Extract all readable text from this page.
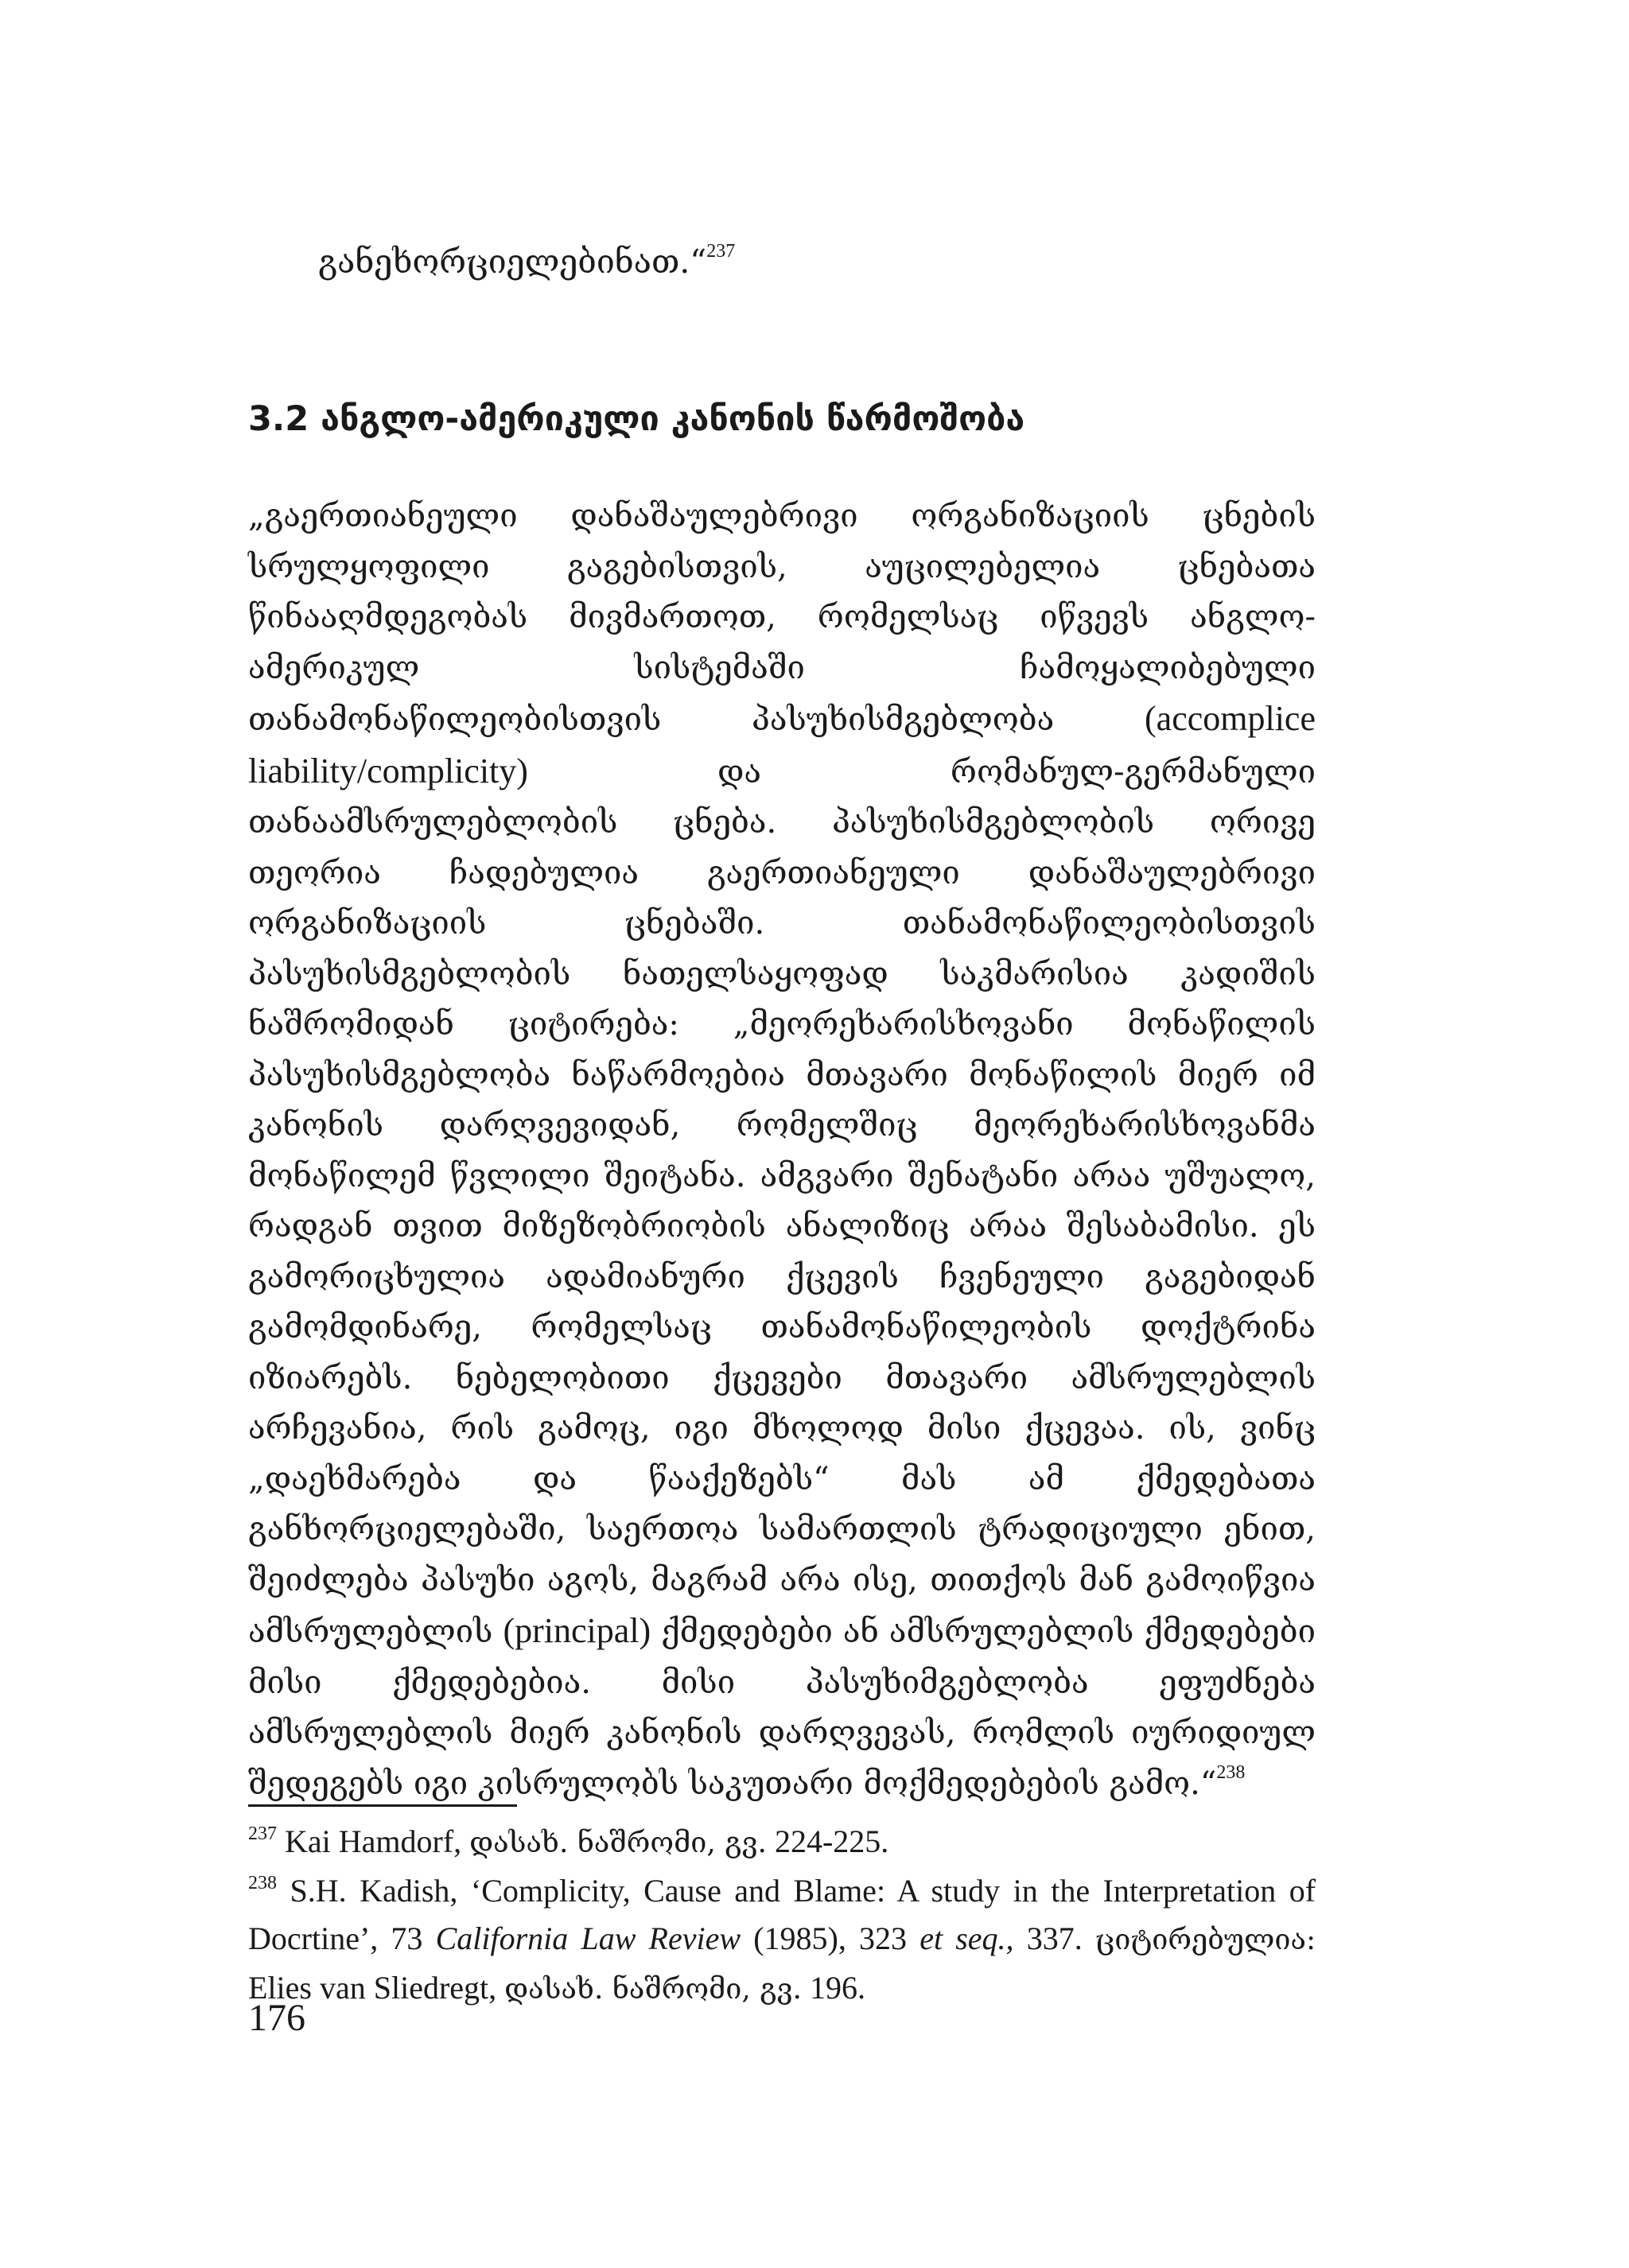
განეხორციელებინათ.“$^{237}$
3.2 ანგლო-ამერიკული კანონის წარმოშობა

„გაერთიანეული დანაშაულებრივი ორგანიზაციის ცნების სრულყოფილი გაგებისთვის, აუცილებელია ცნებათა წინააღმდეგობას მივმართოთ, რომელსაც იწვევს ანგლო-ამერიკულ სისტემაში ჩამოყალიბებული თანამონაწილეობისთვის პასუხისმგებლობა	(accomplice liability/complicity)	და რომანულ-გერმანული თანაამსრულებლობის ცნება. პასუხისმგებლობის ორივე თეორია ჩადებულია გაერთიანეული დანაშაულებრივი ორგანიზაციის ცნებაში. თანამონაწილეობისთვის პასუხისმგებლობის ნათელსაყოფად საკმარისია კადიშის ნაშრომიდან ციტირება: „მეორეხარისხოვანი მონაწილის პასუხისმგებლობა ნაწარმოებია მთავარი მონაწილის მიერ იმ კანონის დარღვევიდან, რომელშიც მეორეხარისხოვანმა მონაწილემ წვლილი შეიტანა. ამგვარი შენატანი არაა უშუალო, რადგან თვით მიზეზობრიობის ანალიზიც არაა შესაბამისი. ეს გამორიცხულია ადამიანური ქცევის ჩვენეული გაგებიდან გამომდინარე, რომელსაც თანამონაწილეობის დოქტრინა იზიარებს. ნებელობითი ქცევები მთავარი ამსრულებლის არჩევანია, რის გამოც, იგი მხოლოდ მისი ქცევაა. ის, ვინც „დაეხმარება და წააქეზებს“ მას ამ ქმედებათა განხორციელებაში, საერთოა სამართლის ტრადიციული ენით, შეიძლება პასუხი აგოს, მაგრამ არა ისე, თითქოს მან გამოიწვია ამსრულებლის (principal) ქმედებები ან ამსრულებლის ქმედებები მისი ქმედებებია. მისი პასუხიმგებლობა ეფუძნება ამსრულებლის მიერ კანონის დარღვევას, რომლის იურიდიულ შედეგებს იგი კისრულობს საკუთარი მოქმედებების გამო.“$^{238}$

$^{237}$ Kai Hamdorf, დასახ. ნაშრომი, გვ. 224-225.

$^{238}$ S.H. Kadish, ‘Complicity, Cause and Blame: A study in the Interpretation of Docrtine’, 73 California Law Review (1985), 323 et seq., 337. ციტირებულია: Elies van Sliedregt, დასახ. ნაშრომი, გვ. 196.

176
